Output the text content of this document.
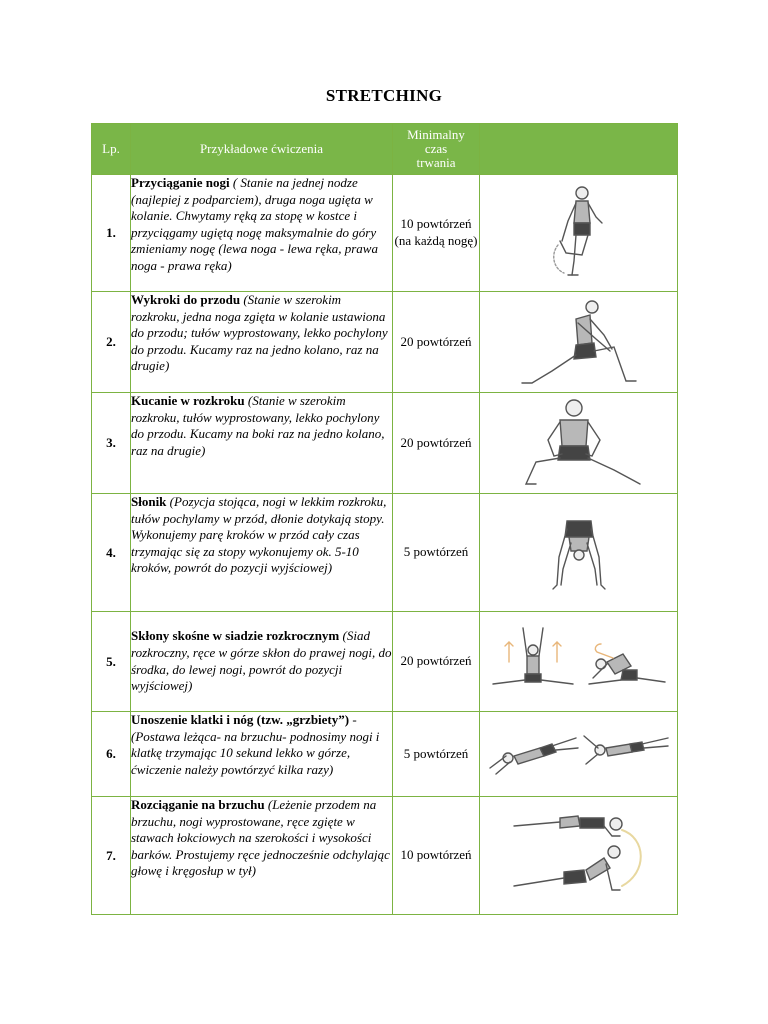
STRETCHING
Lp.	Przykładowe ćwiczenia	Minimalny
czas
trwania	
1.	Przyciąganie nogi ( Stanie na jednej nodze (najlepiej z podparciem), druga noga ugięta w kolanie. Chwytamy ręką za stopę w kostce i przyciągamy ugiętą nogę maksymalnie do góry zmieniamy nogę (lewa noga - lewa ręka, prawa noga - prawa ręka)	10 powtórzeń (na każdą nogę)	

2.	Wykroki do przodu (Stanie w szerokim rozkroku, jedna noga zgięta w kolanie ustawiona do przodu; tułów wyprostowany, lekko pochylony do przodu. Kucamy raz na jedno kolano, raz na drugie)	20 powtórzeń	

3.	Kucanie w rozkroku (Stanie w szerokim rozkroku, tułów wyprostowany, lekko pochylony do przodu. Kucamy na boki raz na jedno kolano, raz na drugie)	20 powtórzeń	

4.	Słonik (Pozycja stojąca, nogi w lekkim rozkroku, tułów pochylamy w przód, dłonie dotykają stopy. Wykonujemy parę kroków w przód cały czas trzymając się za stopy wykonujemy ok. 5-10 kroków, powrót do pozycji wyjściowej)	5 powtórzeń	

5.	Skłony skośne w siadzie rozkrocznym (Siad rozkroczny, ręce w górze skłon do prawej nogi, do środka, do lewej nogi, powrót do pozycji wyjściowej)	20 powtórzeń	

6.	Unoszenie klatki i nóg (tzw. „grzbiety”) - (Postawa leżąca- na brzuchu- podnosimy nogi i klatkę trzymając 10 sekund lekko w górze, ćwiczenie należy powtórzyć kilka razy)	5 powtórzeń	

7.	Rozciąganie na brzuchu (Leżenie przodem na brzuchu, nogi wyprostowane, ręce zgięte w stawach łokciowych na szerokości i wysokości barków. Prostujemy ręce jednocześnie odchylając głowę i kręgosłup w tył)	10 powtórzeń	
